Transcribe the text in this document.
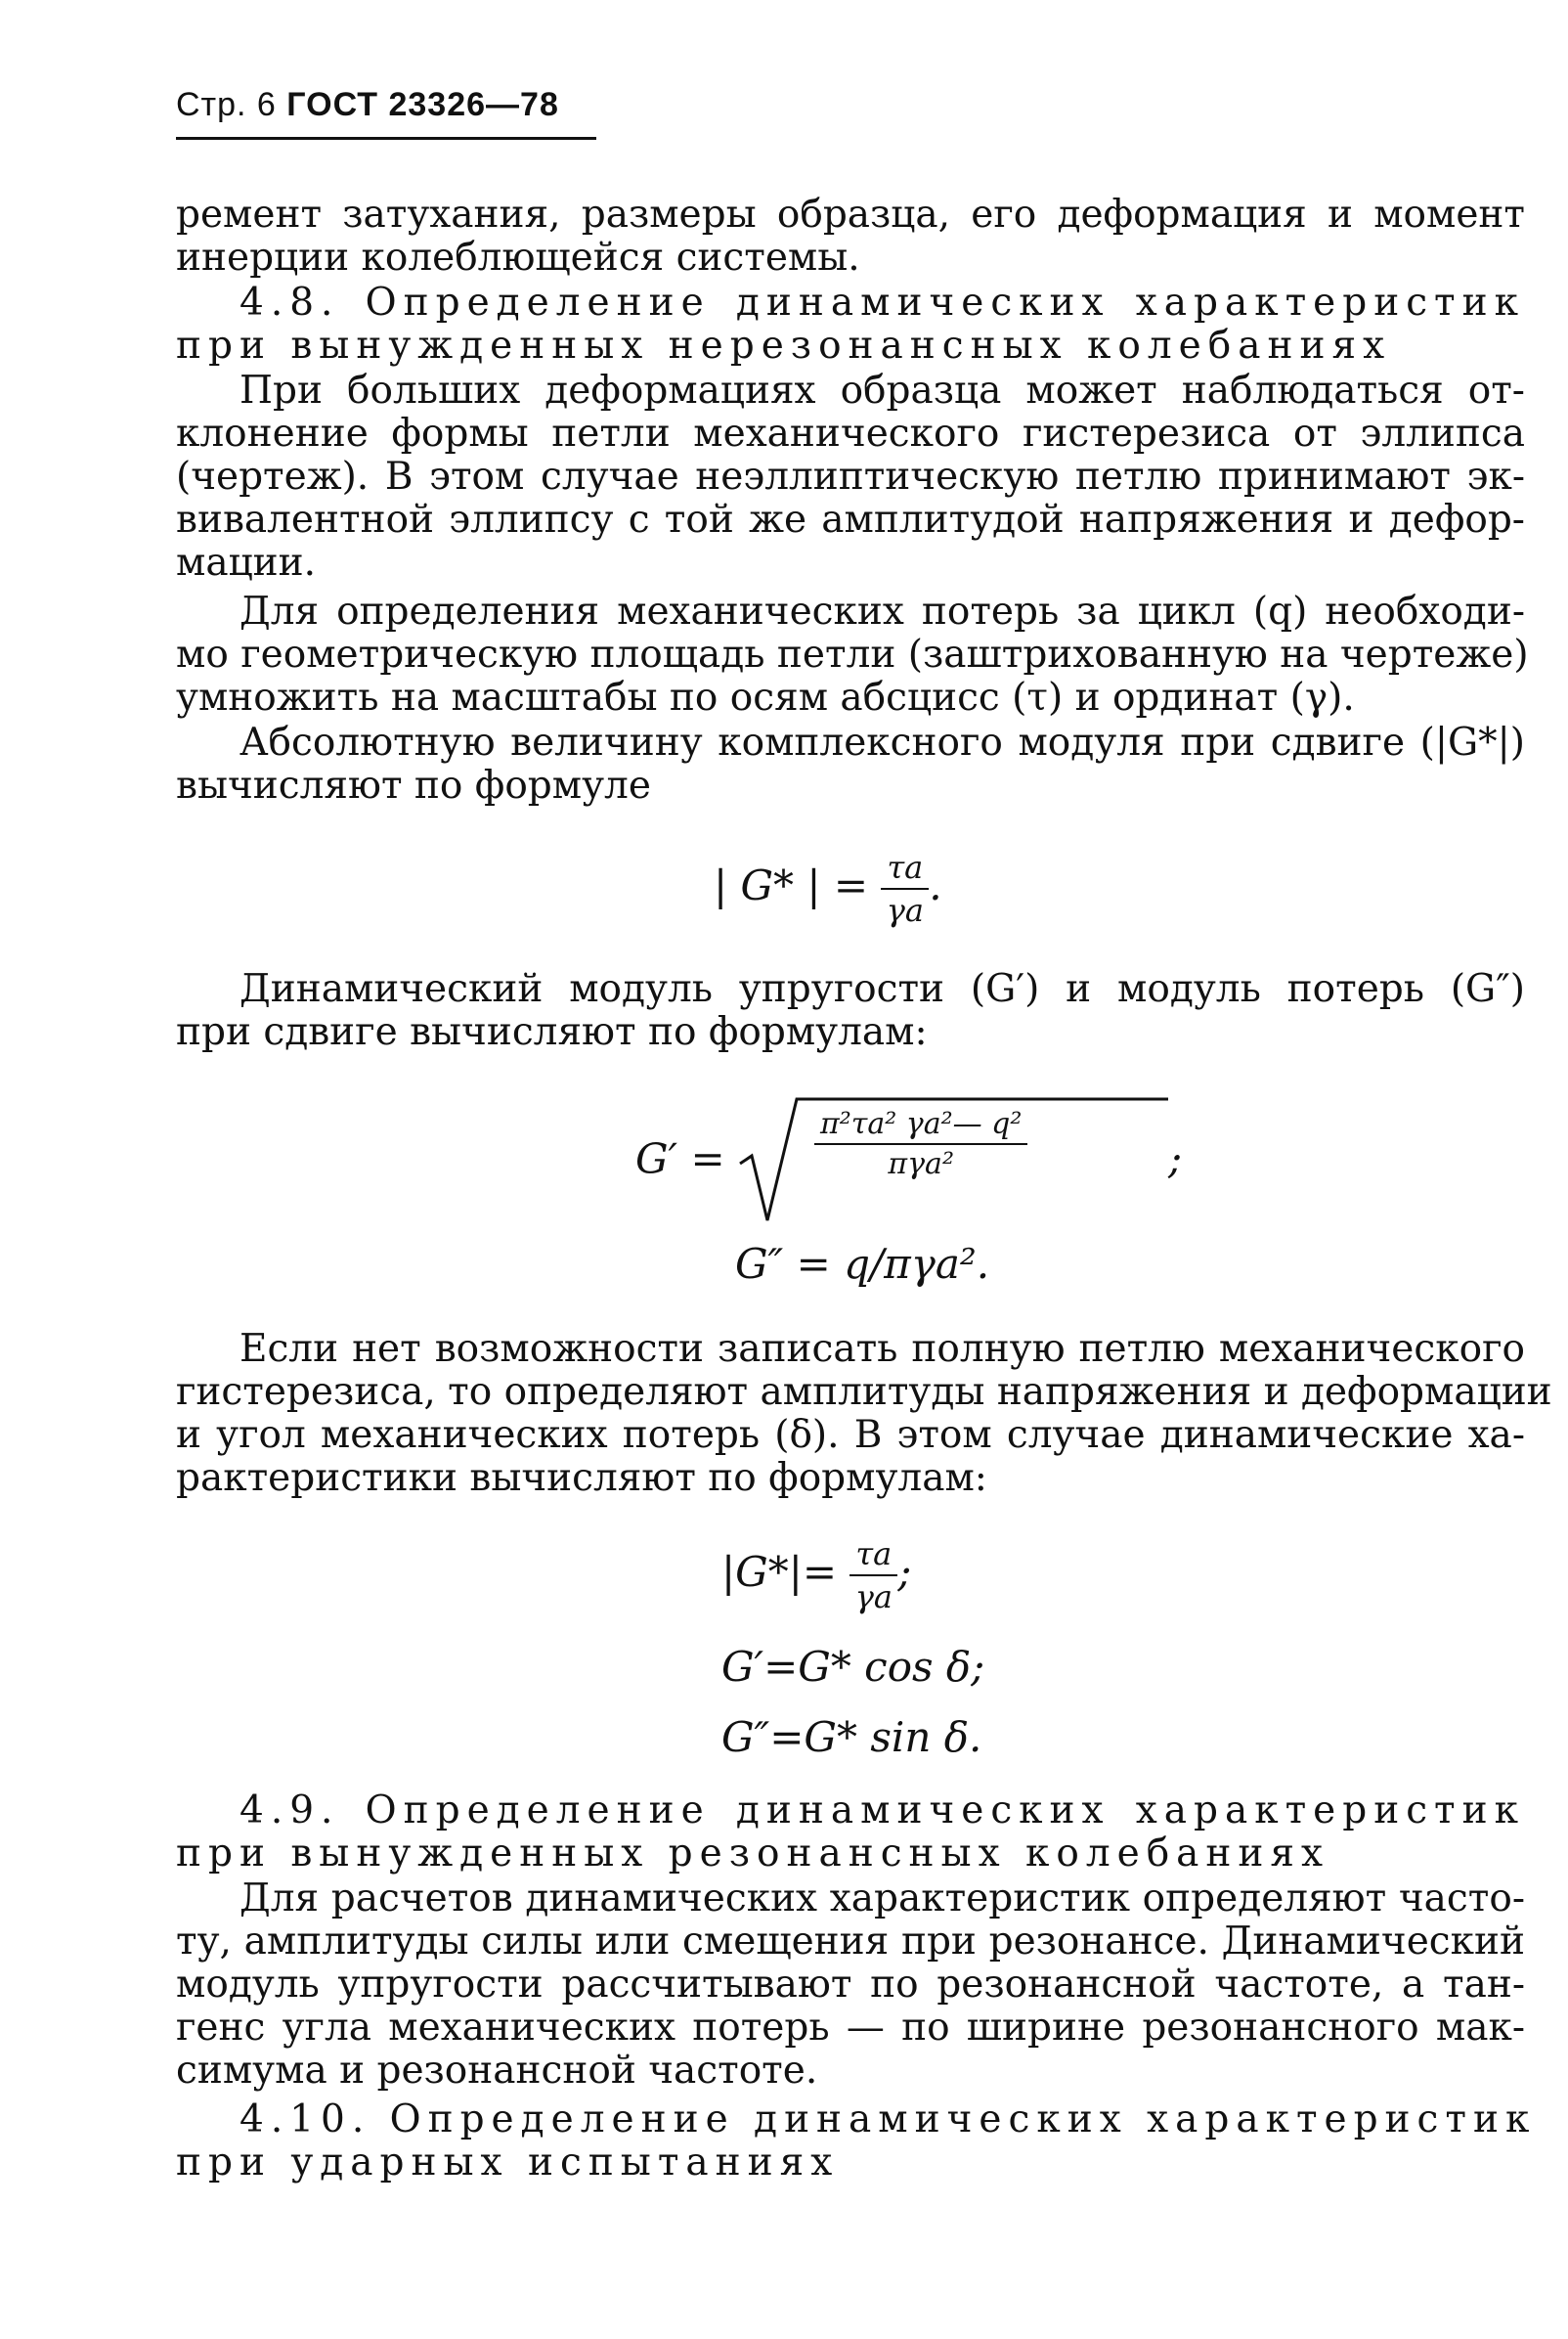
Стр. 6 ГОСТ 23326—78
ремент затухания, размеры образца, его деформация и момент
инерции колеблющейся системы.
4.8. Определение динамических характеристик
при вынужденных нерезонансных колебаниях
При больших деформациях образца может наблюдаться от-
клонение формы петли механического гистерезиса от эллипса
(чертеж). В этом случае неэллиптическую петлю принимают эк-
вивалентной эллипсу с той же амплитудой напряжения и дефор-
мации.
Для определения механических потерь за цикл (q) необходи-
мо геометрическую площадь петли (заштрихованную на чертеже)
умножить на масштабы по осям абсцисс (τ) и ординат (γ).
Абсолютную величину комплексного модуля при сдвиге (|G*|)
вычисляют по формуле
| G* | = $\frac{\tau a}{\gamma a}$ .
Динамический модуль упругости (G′) и модуль потерь (G″)
при сдвиге вычисляют по формулам:
G′ =
π²τa² γa²— q²
πγa²	;
G″ = q/πγa².
Если нет возможности записать полную петлю механического
гистерезиса, то определяют амплитуды напряжения и деформации
и угол механических потерь (δ). В этом случае динамические ха-
рактеристики вычисляют по формулам:
$|G*|= \frac{\tau a}{\gamma a}$ ;
G′=G* cos δ;
G″=G* sin δ.
4.9. Определение динамических характеристик
при вынужденных резонансных колебаниях
Для расчетов динамических характеристик определяют часто-
ту, амплитуды силы или смещения при резонансе. Динамический
модуль упругости рассчитывают по резонансной частоте, а тан-
генс угла механических потерь — по ширине резонансного мак-
симума и резонансной частоте.
4.10. Определение динамических характеристик
при ударных испытаниях
